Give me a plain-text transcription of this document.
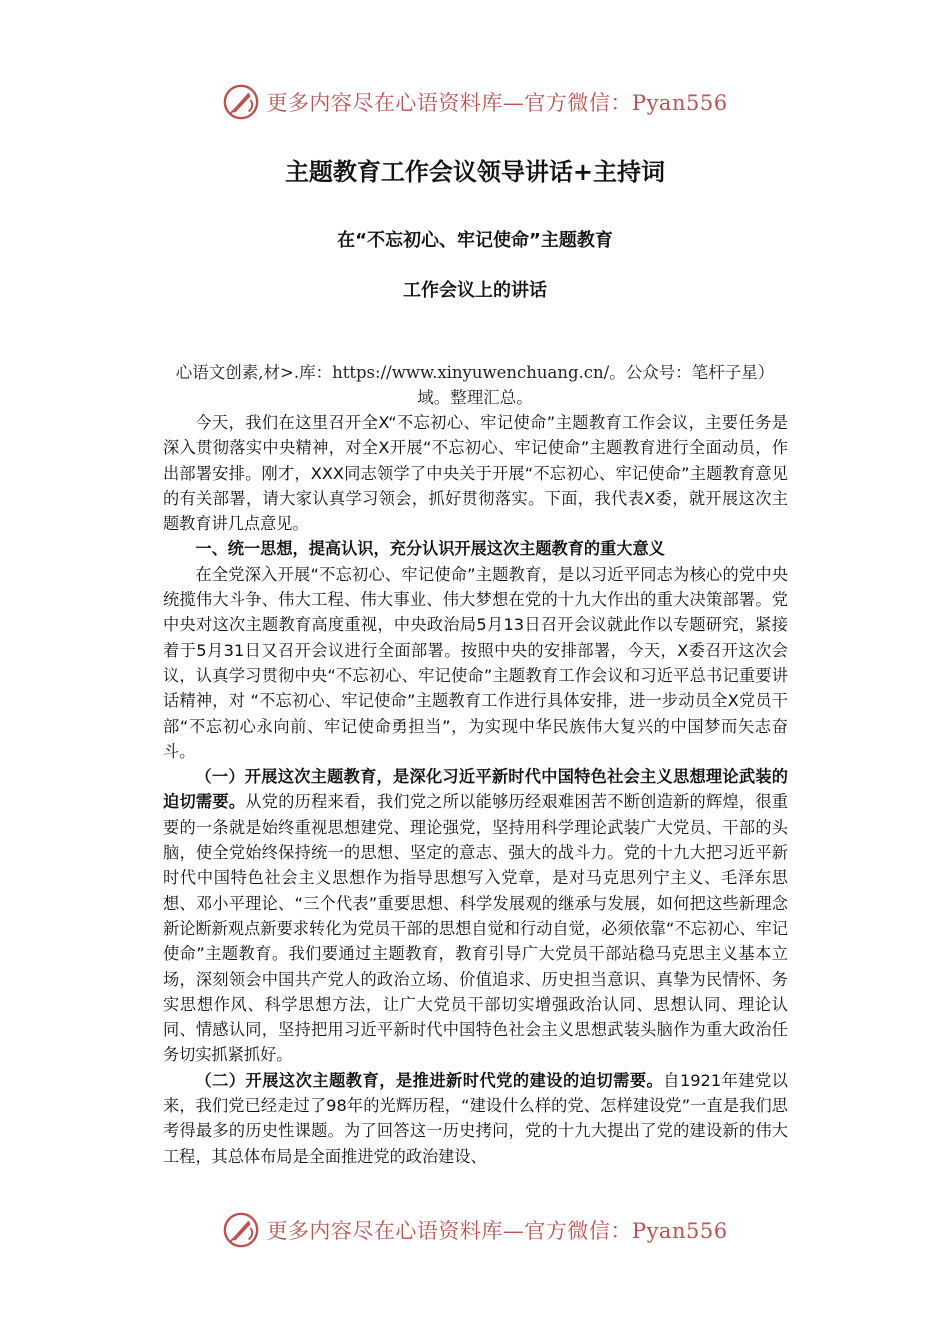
更多内容尽在心语资料库—官方微信：Pyan556
主题教育工作会议领导讲话+主持词
在“不忘初心、牢记使命”主题教育
工作会议上的讲话
心语文创素,材>.库：https://www.xinyuwenchuang.cn/。公众号：笔杆子星）域。整理汇总。

今天，我们在这里召开全X“不忘初心、牢记使命”主题教育工作会议，主要任务是深入贯彻落实中央精神，对全X开展“不忘初心、牢记使命”主题教育进行全面动员，作出部署安排。刚才，XXX同志领学了中央关于开展“不忘初心、牢记使命”主题教育意见的有关部署，请大家认真学习领会，抓好贯彻落实。下面，我代表X委，就开展这次主题教育讲几点意见。

一、统一思想，提高认识，充分认识开展这次主题教育的重大意义

在全党深入开展“不忘初心、牢记使命”主题教育，是以习近平同志为核心的党中央统揽伟大斗争、伟大工程、伟大事业、伟大梦想在党的十九大作出的重大决策部署。党中央对这次主题教育高度重视，中央政治局5月13日召开会议就此作以专题研究，紧接着于5月31日又召开会议进行全面部署。按照中央的安排部署，今天，X委召开这次会议，认真学习贯彻中央“不忘初心、牢记使命”主题教育工作会议和习近平总书记重要讲话精神，对 “不忘初心、牢记使命”主题教育工作进行具体安排，进一步动员全X党员干部“不忘初心永向前、牢记使命勇担当”，为实现中华民族伟大复兴的中国梦而矢志奋斗。

（一）开展这次主题教育，是深化习近平新时代中国特色社会主义思想理论武装的迫切需要。从党的历程来看，我们党之所以能够历经艰难困苦不断创造新的辉煌，很重要的一条就是始终重视思想建党、理论强党，坚持用科学理论武装广大党员、干部的头脑，使全党始终保持统一的思想、坚定的意志、强大的战斗力。党的十九大把习近平新时代中国特色社会主义思想作为指导思想写入党章，是对马克思列宁主义、毛泽东思想、邓小平理论、“三个代表”重要思想、科学发展观的继承与发展，如何把这些新理念新论断新观点新要求转化为党员干部的思想自觉和行动自觉，必须依靠“不忘初心、牢记使命”主题教育。我们要通过主题教育，教育引导广大党员干部站稳马克思主义基本立场，深刻领会中国共产党人的政治立场、价值追求、历史担当意识、真挚为民情怀、务实思想作风、科学思想方法，让广大党员干部切实增强政治认同、思想认同、理论认同、情感认同，坚持把用习近平新时代中国特色社会主义思想武装头脑作为重大政治任务切实抓紧抓好。

（二）开展这次主题教育，是推进新时代党的建设的迫切需要。自1921年建党以来，我们党已经走过了98年的光辉历程，“建设什么样的党、怎样建设党”一直是我们思考得最多的历史性课题。为了回答这一历史拷问，党的十九大提出了党的建设新的伟大工程，其总体布局是全面推进党的政治建设、

更多内容尽在心语资料库—官方微信：Pyan556
